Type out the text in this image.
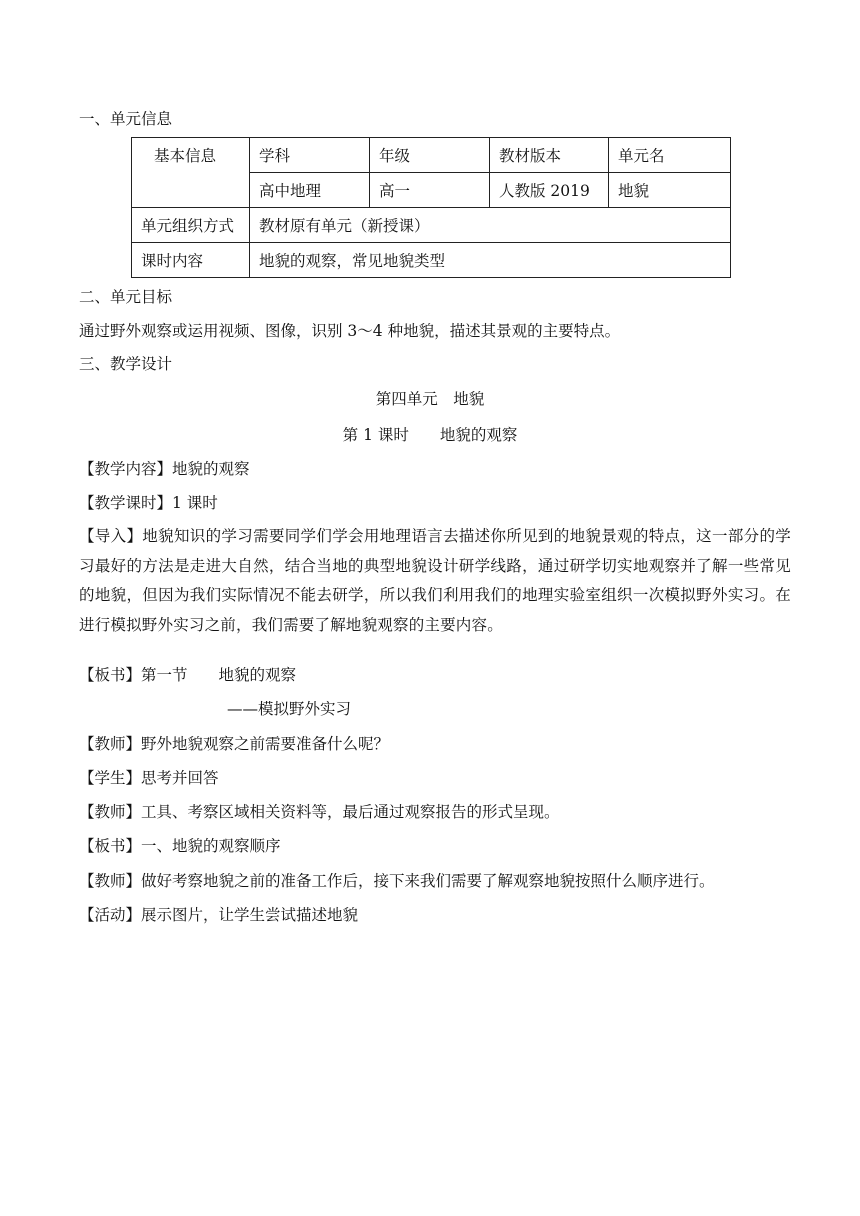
一、单元信息
基本信息	学科	年级	教材版本	单元名
	高中地理	高一	人教版 2019	地貌
单元组织方式	教材原有单元（新授课）			
课时内容	地貌的观察，常见地貌类型			
二、单元目标
通过野外观察或运用视频、图像，识别 3～4 种地貌，描述其景观的主要特点。
三、教学设计
第四单元　地貌
第 1 课时　　地貌的观察
【教学内容】地貌的观察
【教学课时】1 课时
【导入】地貌知识的学习需要同学们学会用地理语言去描述你所见到的地貌景观的特点，这一部分的学习最好的方法是走进大自然，结合当地的典型地貌设计研学线路，通过研学切实地观察并了解一些常见的地貌，但因为我们实际情况不能去研学，所以我们利用我们的地理实验室组织一次模拟野外实习。在进行模拟野外实习之前，我们需要了解地貌观察的主要内容。
【板书】第一节　　地貌的观察
——模拟野外实习
【教师】野外地貌观察之前需要准备什么呢？
【学生】思考并回答
【教师】工具、考察区域相关资料等，最后通过观察报告的形式呈现。
【板书】一、地貌的观察顺序
【教师】做好考察地貌之前的准备工作后，接下来我们需要了解观察地貌按照什么顺序进行。
【活动】展示图片，让学生尝试描述地貌
